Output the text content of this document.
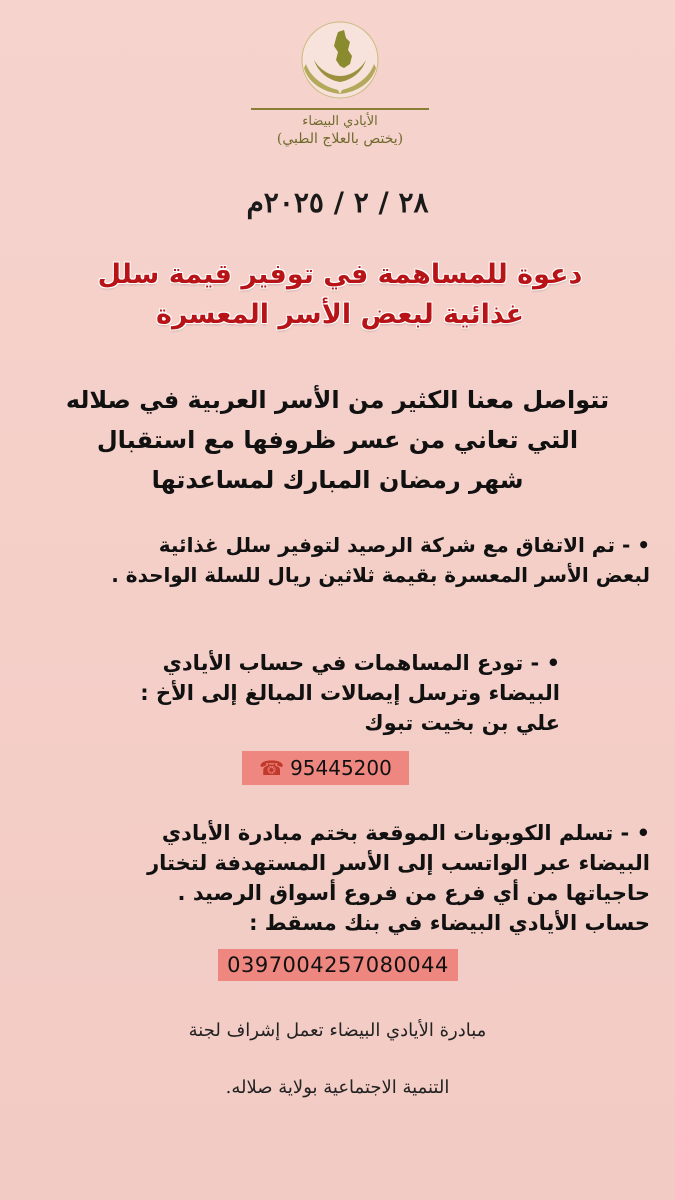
الأيادي البيضاء
(يختص بالعلاج الطبي)
٢٨ / ٢ / ٢٠٢٥م
دعوة للمساهمة في توفير قيمة سلل
غذائية لبعض الأسر المعسرة
تتواصل معنا الكثير من الأسر العربية في صلاله
التي تعاني من عسر ظروفها مع استقبال
شهر رمضان المبارك لمساعدتها
• - تم الاتفاق مع شركة الرصيد لتوفير سلل غذائية
لبعض الأسر المعسرة بقيمة ثلاثين ريال للسلة الواحدة .
• - تودع المساهمات في حساب الأيادي
البيضاء وترسل إيصالات المبالغ إلى الأخ :
علي بن بخيت تبوك
☎ 95445200
• - تسلم الكوبونات الموقعة بختم مبادرة الأيادي
البيضاء عبر الواتسب إلى الأسر المستهدفة لتختار
حاجياتها من أي فرع من فروع أسواق الرصيد .
حساب الأيادي البيضاء في بنك مسقط :
0397004257080044
مبادرة الأيادي البيضاء تعمل إشراف لجنة
التنمية الاجتماعية بولاية صلاله.
